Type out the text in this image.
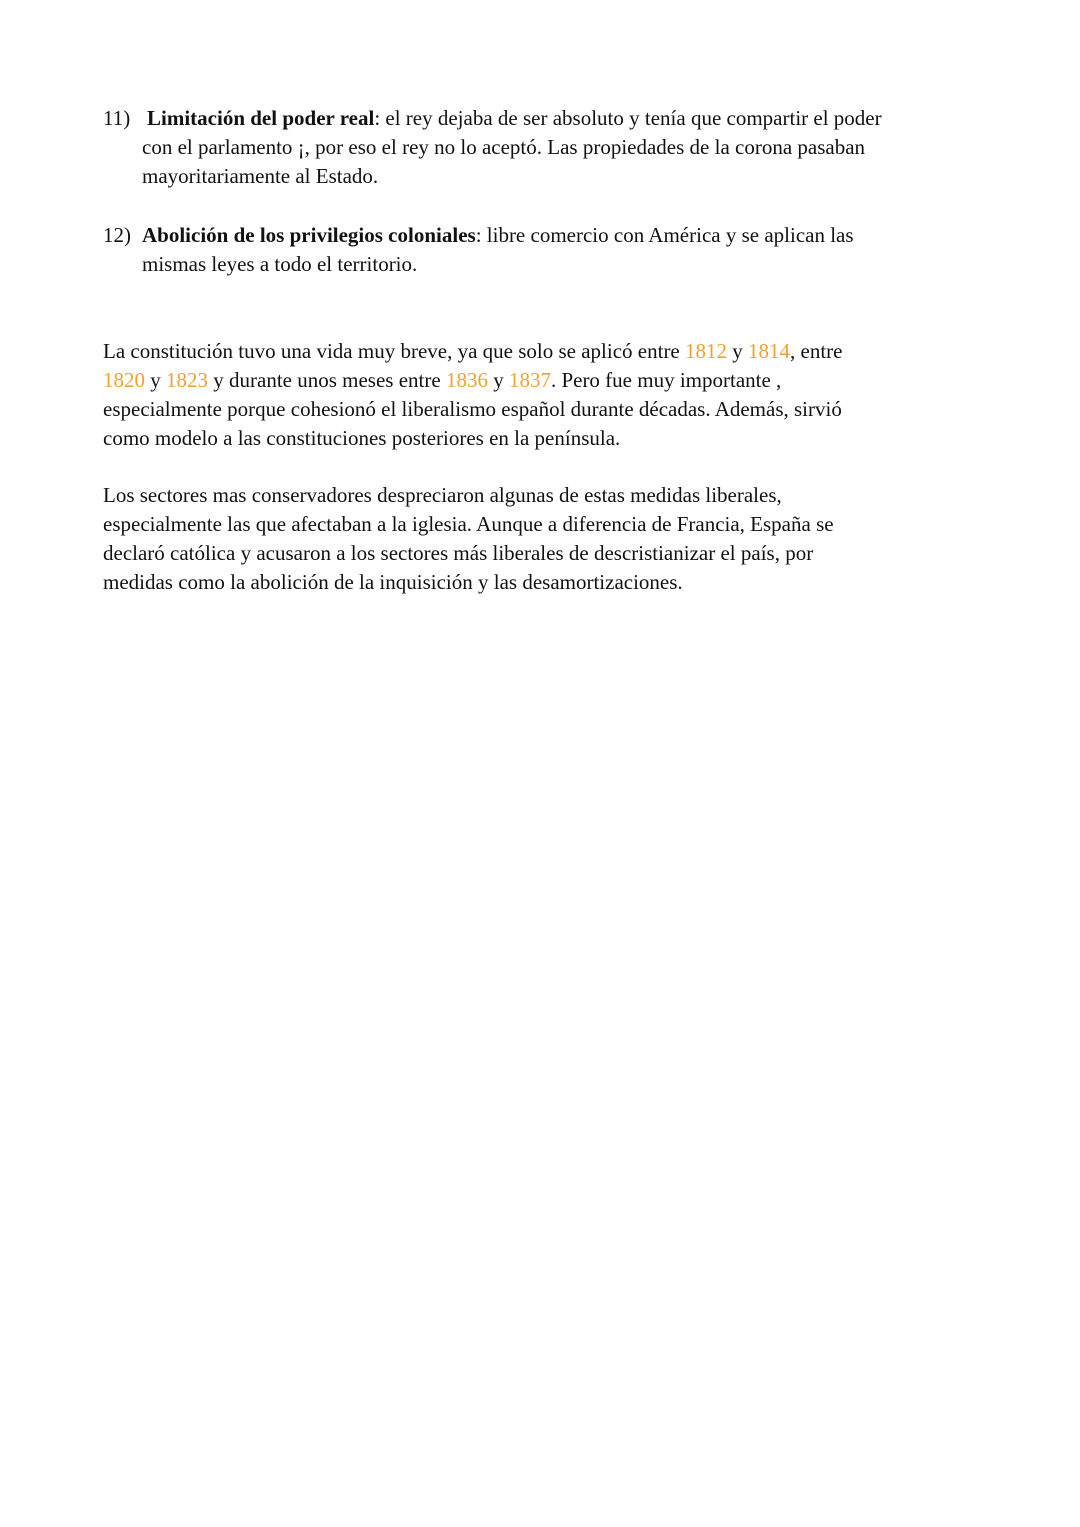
11) Limitación del poder real: el rey dejaba de ser absoluto y tenía que compartir el poder
con el parlamento ¡, por eso el rey no lo aceptó. Las propiedades de la corona pasaban
mayoritariamente al Estado.
12) Abolición de los privilegios coloniales: libre comercio con América y se aplican las
mismas leyes a todo el territorio.
La constitución tuvo una vida muy breve, ya que solo se aplicó entre 1812 y 1814, entre
1820 y 1823 y durante unos meses entre 1836 y 1837. Pero fue muy importante ,
especialmente porque cohesionó el liberalismo español durante décadas. Además, sirvió
como modelo a las constituciones posteriores en la península.
Los sectores mas conservadores despreciaron algunas de estas medidas liberales,
especialmente las que afectaban a la iglesia. Aunque a diferencia de Francia, España se
declaró católica y acusaron a los sectores más liberales de descristianizar el país, por
medidas como la abolición de la inquisición y las desamortizaciones.
